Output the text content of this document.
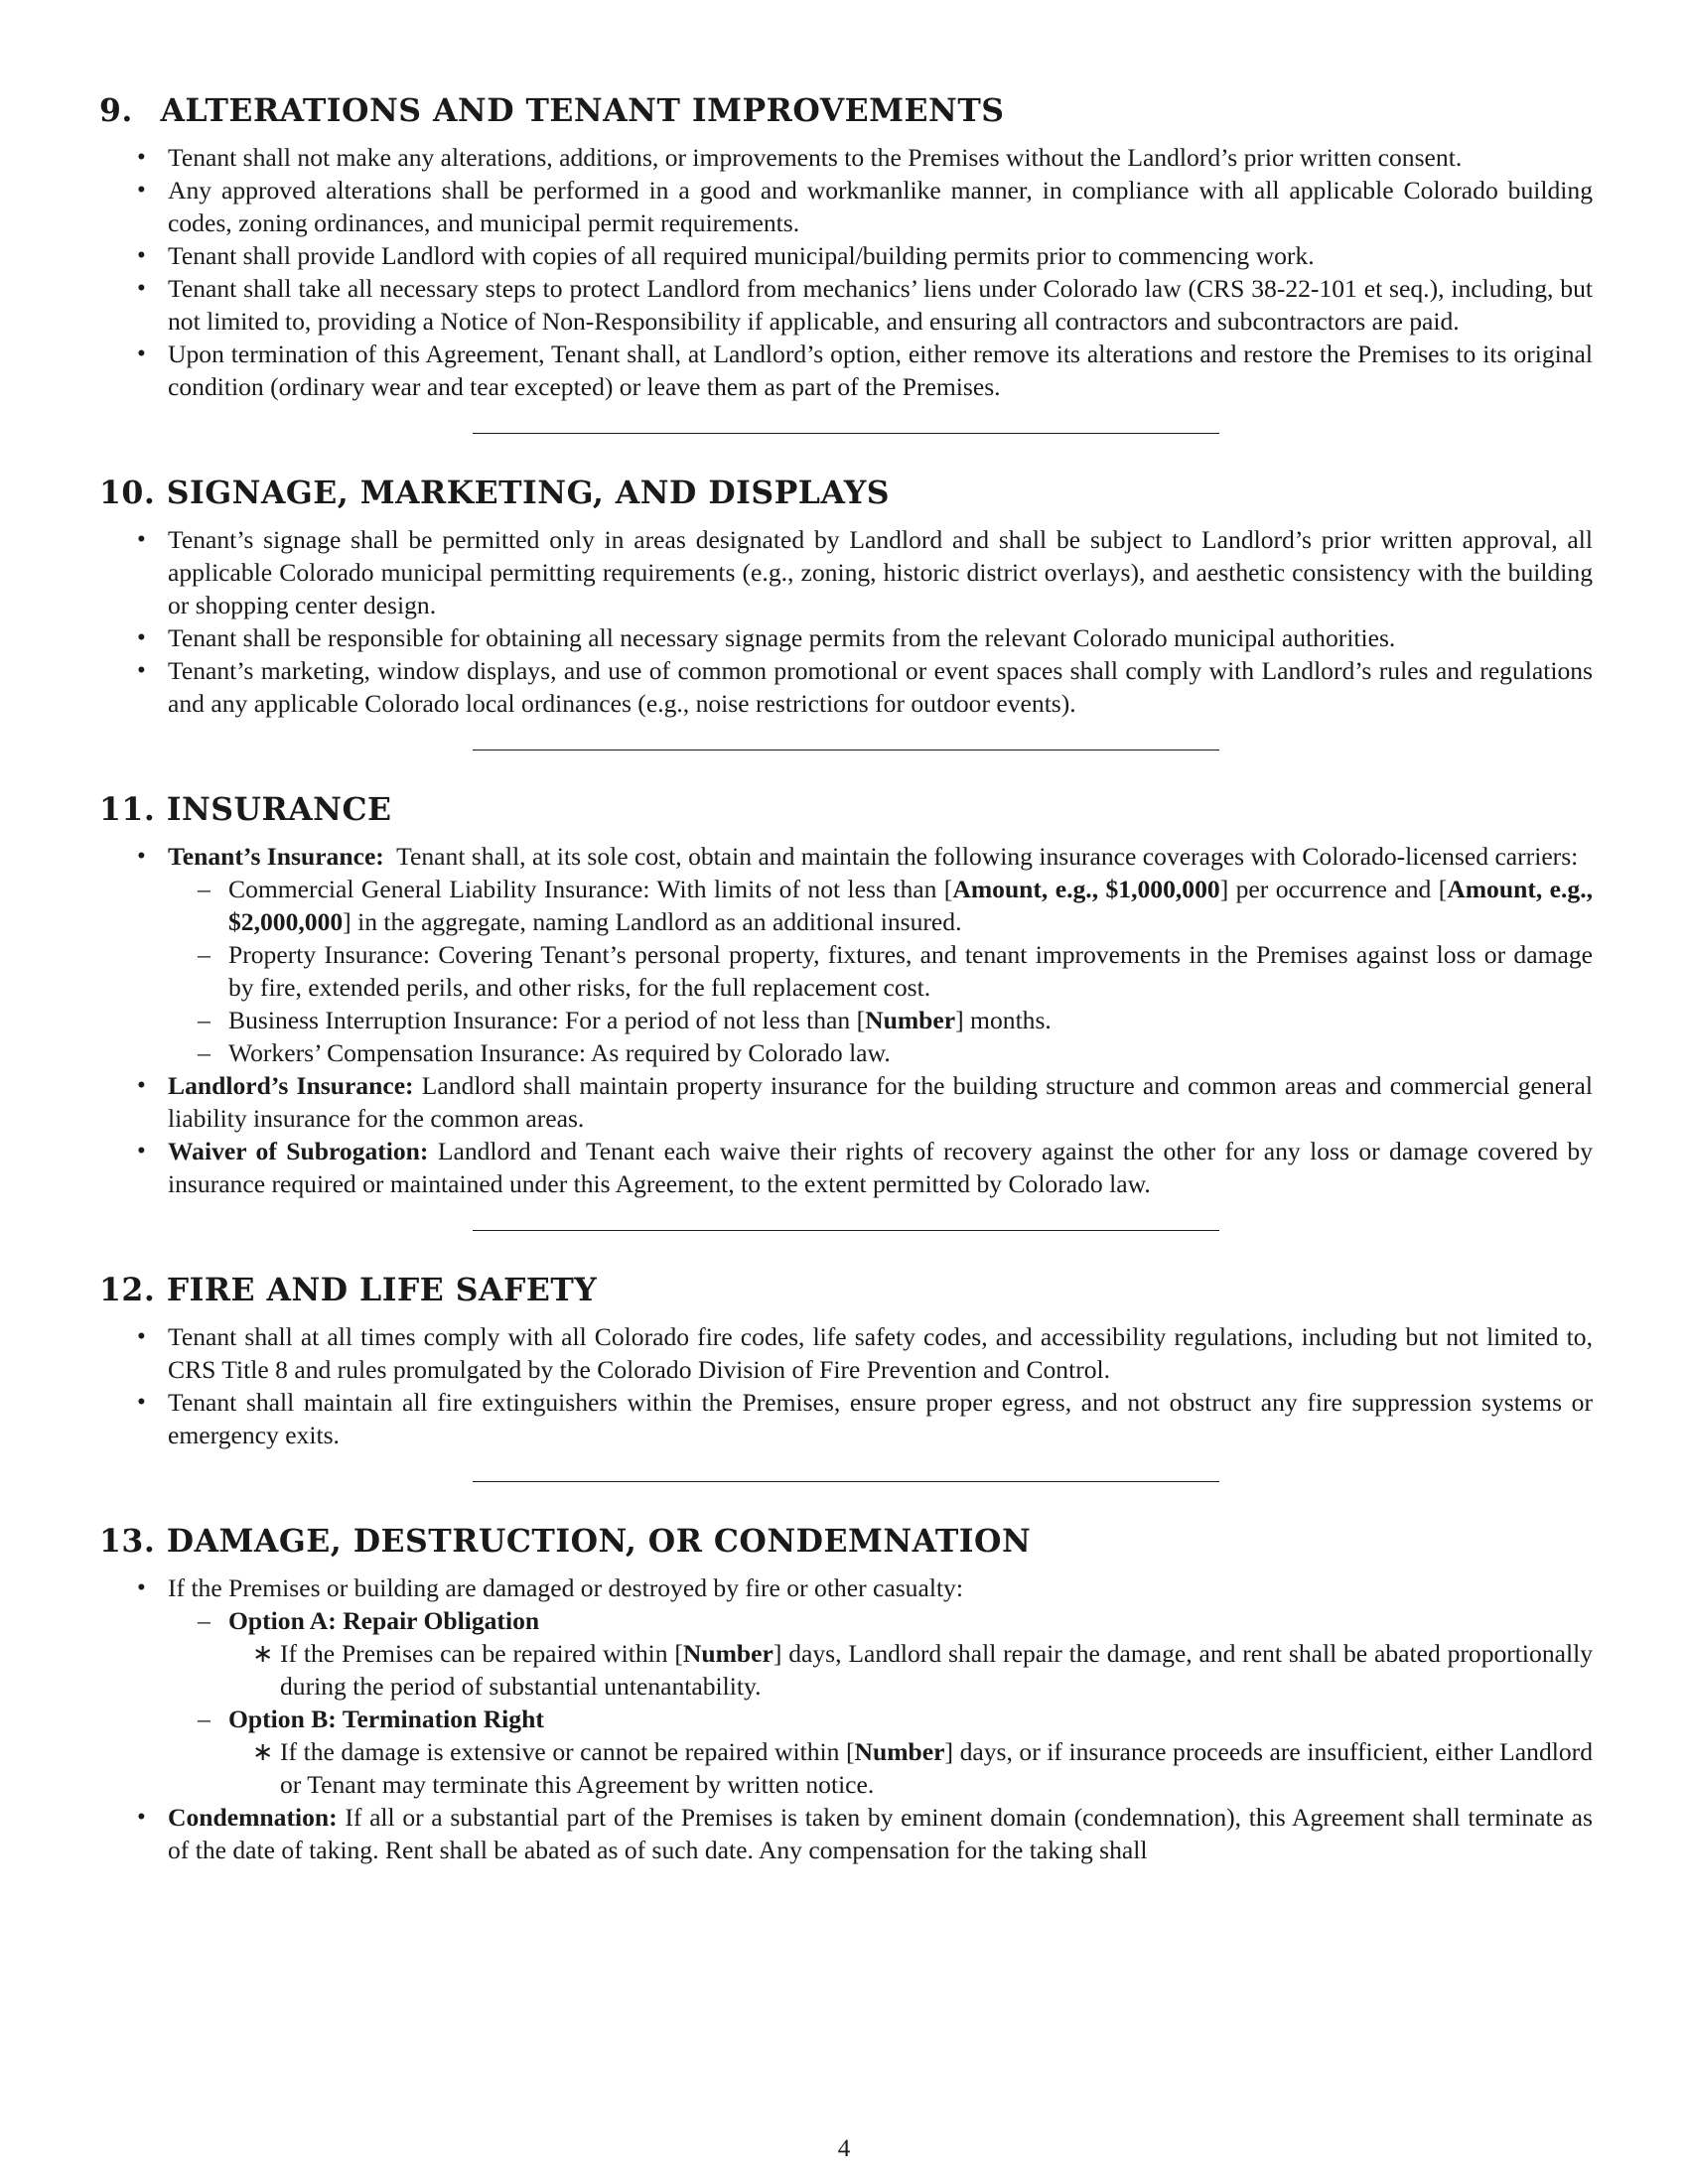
9. ALTERATIONS AND TENANT IMPROVEMENTS
• Tenant shall not make any alterations, additions, or improvements to the Premises without the Landlord’s prior written consent.
• Any approved alterations shall be performed in a good and workmanlike manner, in compliance with all applicable Colorado building codes, zoning ordinances, and municipal permit requirements.
• Tenant shall provide Landlord with copies of all required municipal/building permits prior to commencing work.
• Tenant shall take all necessary steps to protect Landlord from mechanics’ liens under Colorado law (CRS 38-22-101 et seq.), including, but not limited to, providing a Notice of Non-Responsibility if applicable, and ensuring all contractors and subcontractors are paid.
• Upon termination of this Agreement, Tenant shall, at Landlord’s option, either remove its alterations and restore the Premises to its original condition (ordinary wear and tear excepted) or leave them as part of the Premises.
10. SIGNAGE, MARKETING, AND DISPLAYS
• Tenant’s signage shall be permitted only in areas designated by Landlord and shall be subject to Landlord’s prior written approval, all applicable Colorado municipal permitting requirements (e.g., zoning, historic district overlays), and aesthetic consistency with the building or shopping center design.
• Tenant shall be responsible for obtaining all necessary signage permits from the relevant Colorado municipal authorities.
• Tenant’s marketing, window displays, and use of common promotional or event spaces shall comply with Landlord’s rules and regulations and any applicable Colorado local ordinances (e.g., noise restrictions for outdoor events).
11. INSURANCE
• Tenant’s Insurance: Tenant shall, at its sole cost, obtain and maintain the following insurance coverages with Colorado-licensed carriers:
– Commercial General Liability Insurance: With limits of not less than [Amount, e.g., $1,000,000] per occurrence and [Amount, e.g., $2,000,000] in the aggregate, naming Landlord as an additional insured.
– Property Insurance: Covering Tenant’s personal property, fixtures, and tenant improvements in the Premises against loss or damage by fire, extended perils, and other risks, for the full replacement cost.
– Business Interruption Insurance: For a period of not less than [Number] months.
– Workers’ Compensation Insurance: As required by Colorado law.
• Landlord’s Insurance: Landlord shall maintain property insurance for the building structure and common areas and commercial general liability insurance for the common areas.
• Waiver of Subrogation: Landlord and Tenant each waive their rights of recovery against the other for any loss or damage covered by insurance required or maintained under this Agreement, to the extent permitted by Colorado law.
12. FIRE AND LIFE SAFETY
• Tenant shall at all times comply with all Colorado fire codes, life safety codes, and accessibility regulations, including but not limited to, CRS Title 8 and rules promulgated by the Colorado Division of Fire Prevention and Control.
• Tenant shall maintain all fire extinguishers within the Premises, ensure proper egress, and not obstruct any fire suppression systems or emergency exits.
13. DAMAGE, DESTRUCTION, OR CONDEMNATION
• If the Premises or building are damaged or destroyed by fire or other casualty:
– Option A: Repair Obligation
∗ If the Premises can be repaired within [Number] days, Landlord shall repair the damage, and rent shall be abated proportionally during the period of substantial untenantability.
– Option B: Termination Right
∗ If the damage is extensive or cannot be repaired within [Number] days, or if insurance proceeds are insufficient, either Landlord or Tenant may terminate this Agreement by written notice.
• Condemnation: If all or a substantial part of the Premises is taken by eminent domain (condemnation), this Agreement shall terminate as of the date of taking. Rent shall be abated as of such date. Any compensation for the taking shall
4
